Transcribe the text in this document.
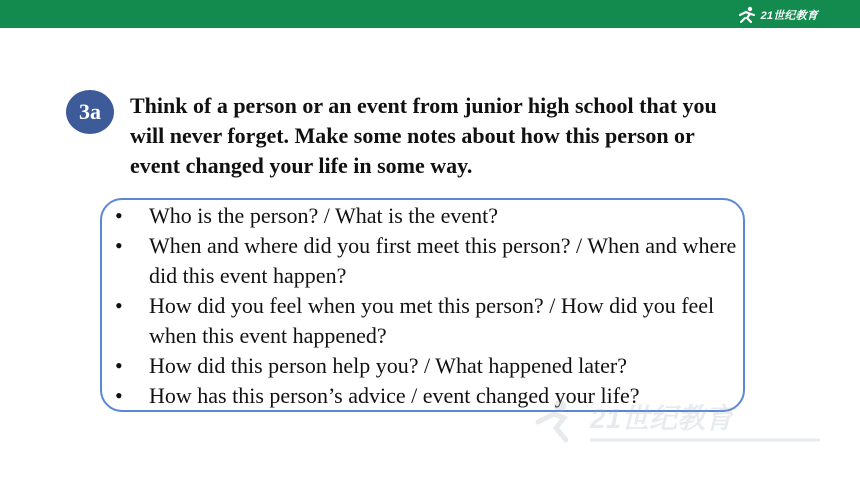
21世纪教育
3a	Think of a person or an event from junior high school that you will never forget. Make some notes about how this person or event changed your life in some way.

• Who is the person? / What is the event?
• When and where did you first meet this person? / When and where did this event happen?
• How did you feel when you met this person? / How did you feel when this event happened?
• How did this person help you? / What happened later?
• How has this person’s advice / event changed your life?
21世纪教育
